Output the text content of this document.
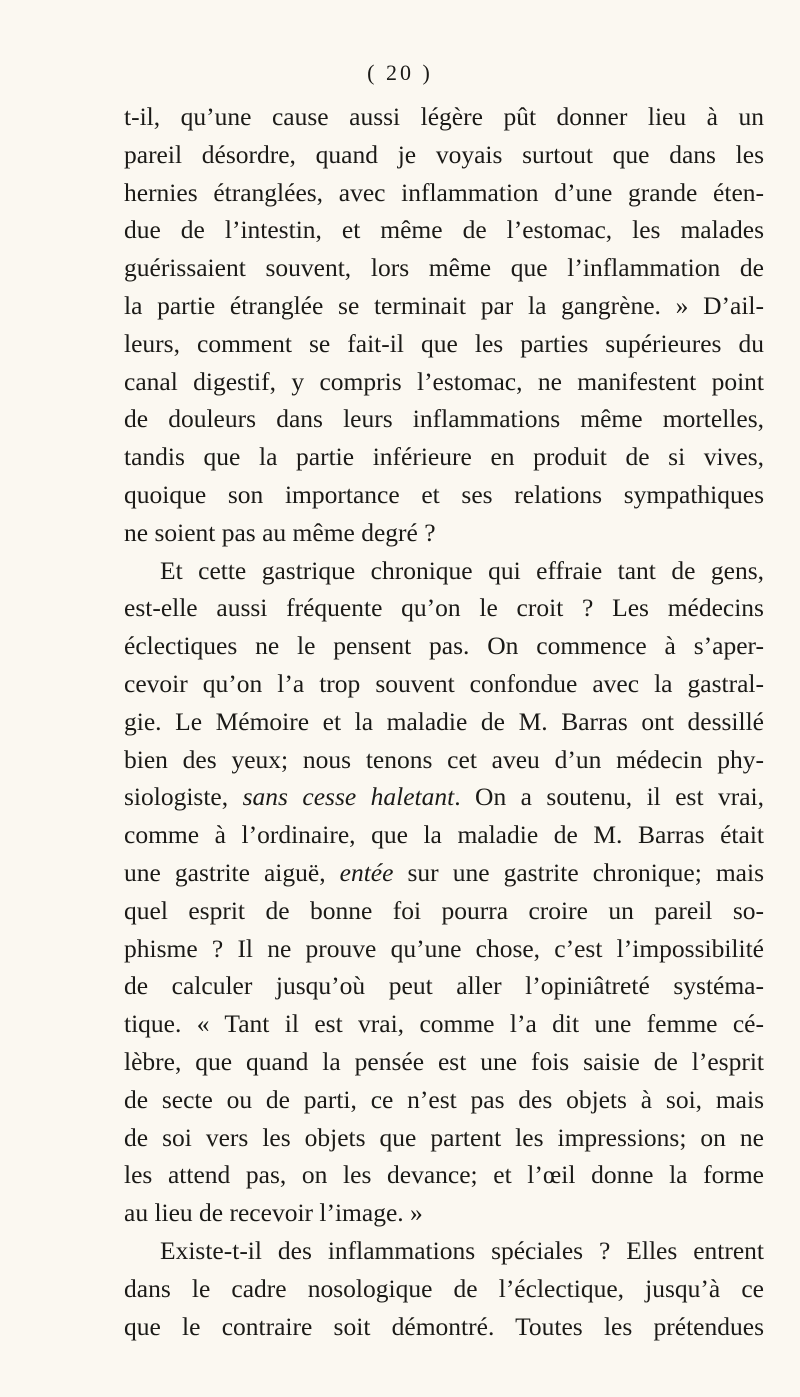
( 20 )
t-il, qu’une cause aussi légère pût donner lieu à un
pareil désordre, quand je voyais surtout que dans les
hernies étranglées, avec inflammation d’une grande éten-
due de l’intestin, et même de l’estomac, les malades
guérissaient souvent, lors même que l’inflammation de
la partie étranglée se terminait par la gangrène. » D’ail-
leurs, comment se fait-il que les parties supérieures du
canal digestif, y compris l’estomac, ne manifestent point
de douleurs dans leurs inflammations même mortelles,
tandis que la partie inférieure en produit de si vives,
quoique son importance et ses relations sympathiques
ne soient pas au même degré ?
Et cette gastrique chronique qui effraie tant de gens,
est-elle aussi fréquente qu’on le croit ? Les médecins
éclectiques ne le pensent pas. On commence à s’aper-
cevoir qu’on l’a trop souvent confondue avec la gastral-
gie. Le Mémoire et la maladie de M. Barras ont dessillé
bien des yeux; nous tenons cet aveu d’un médecin phy-
siologiste, sans cesse haletant. On a soutenu, il est vrai,
comme à l’ordinaire, que la maladie de M. Barras était
une gastrite aiguë, entée sur une gastrite chronique; mais
quel esprit de bonne foi pourra croire un pareil so-
phisme ? Il ne prouve qu’une chose, c’est l’impossibilité
de calculer jusqu’où peut aller l’opiniâtreté systéma-
tique. « Tant il est vrai, comme l’a dit une femme cé-
lèbre, que quand la pensée est une fois saisie de l’esprit
de secte ou de parti, ce n’est pas des objets à soi, mais
de soi vers les objets que partent les impressions; on ne
les attend pas, on les devance; et l’œil donne la forme
au lieu de recevoir l’image. »
Existe-t-il des inflammations spéciales ? Elles entrent
dans le cadre nosologique de l’éclectique, jusqu’à ce
que le contraire soit démontré. Toutes les prétendues
